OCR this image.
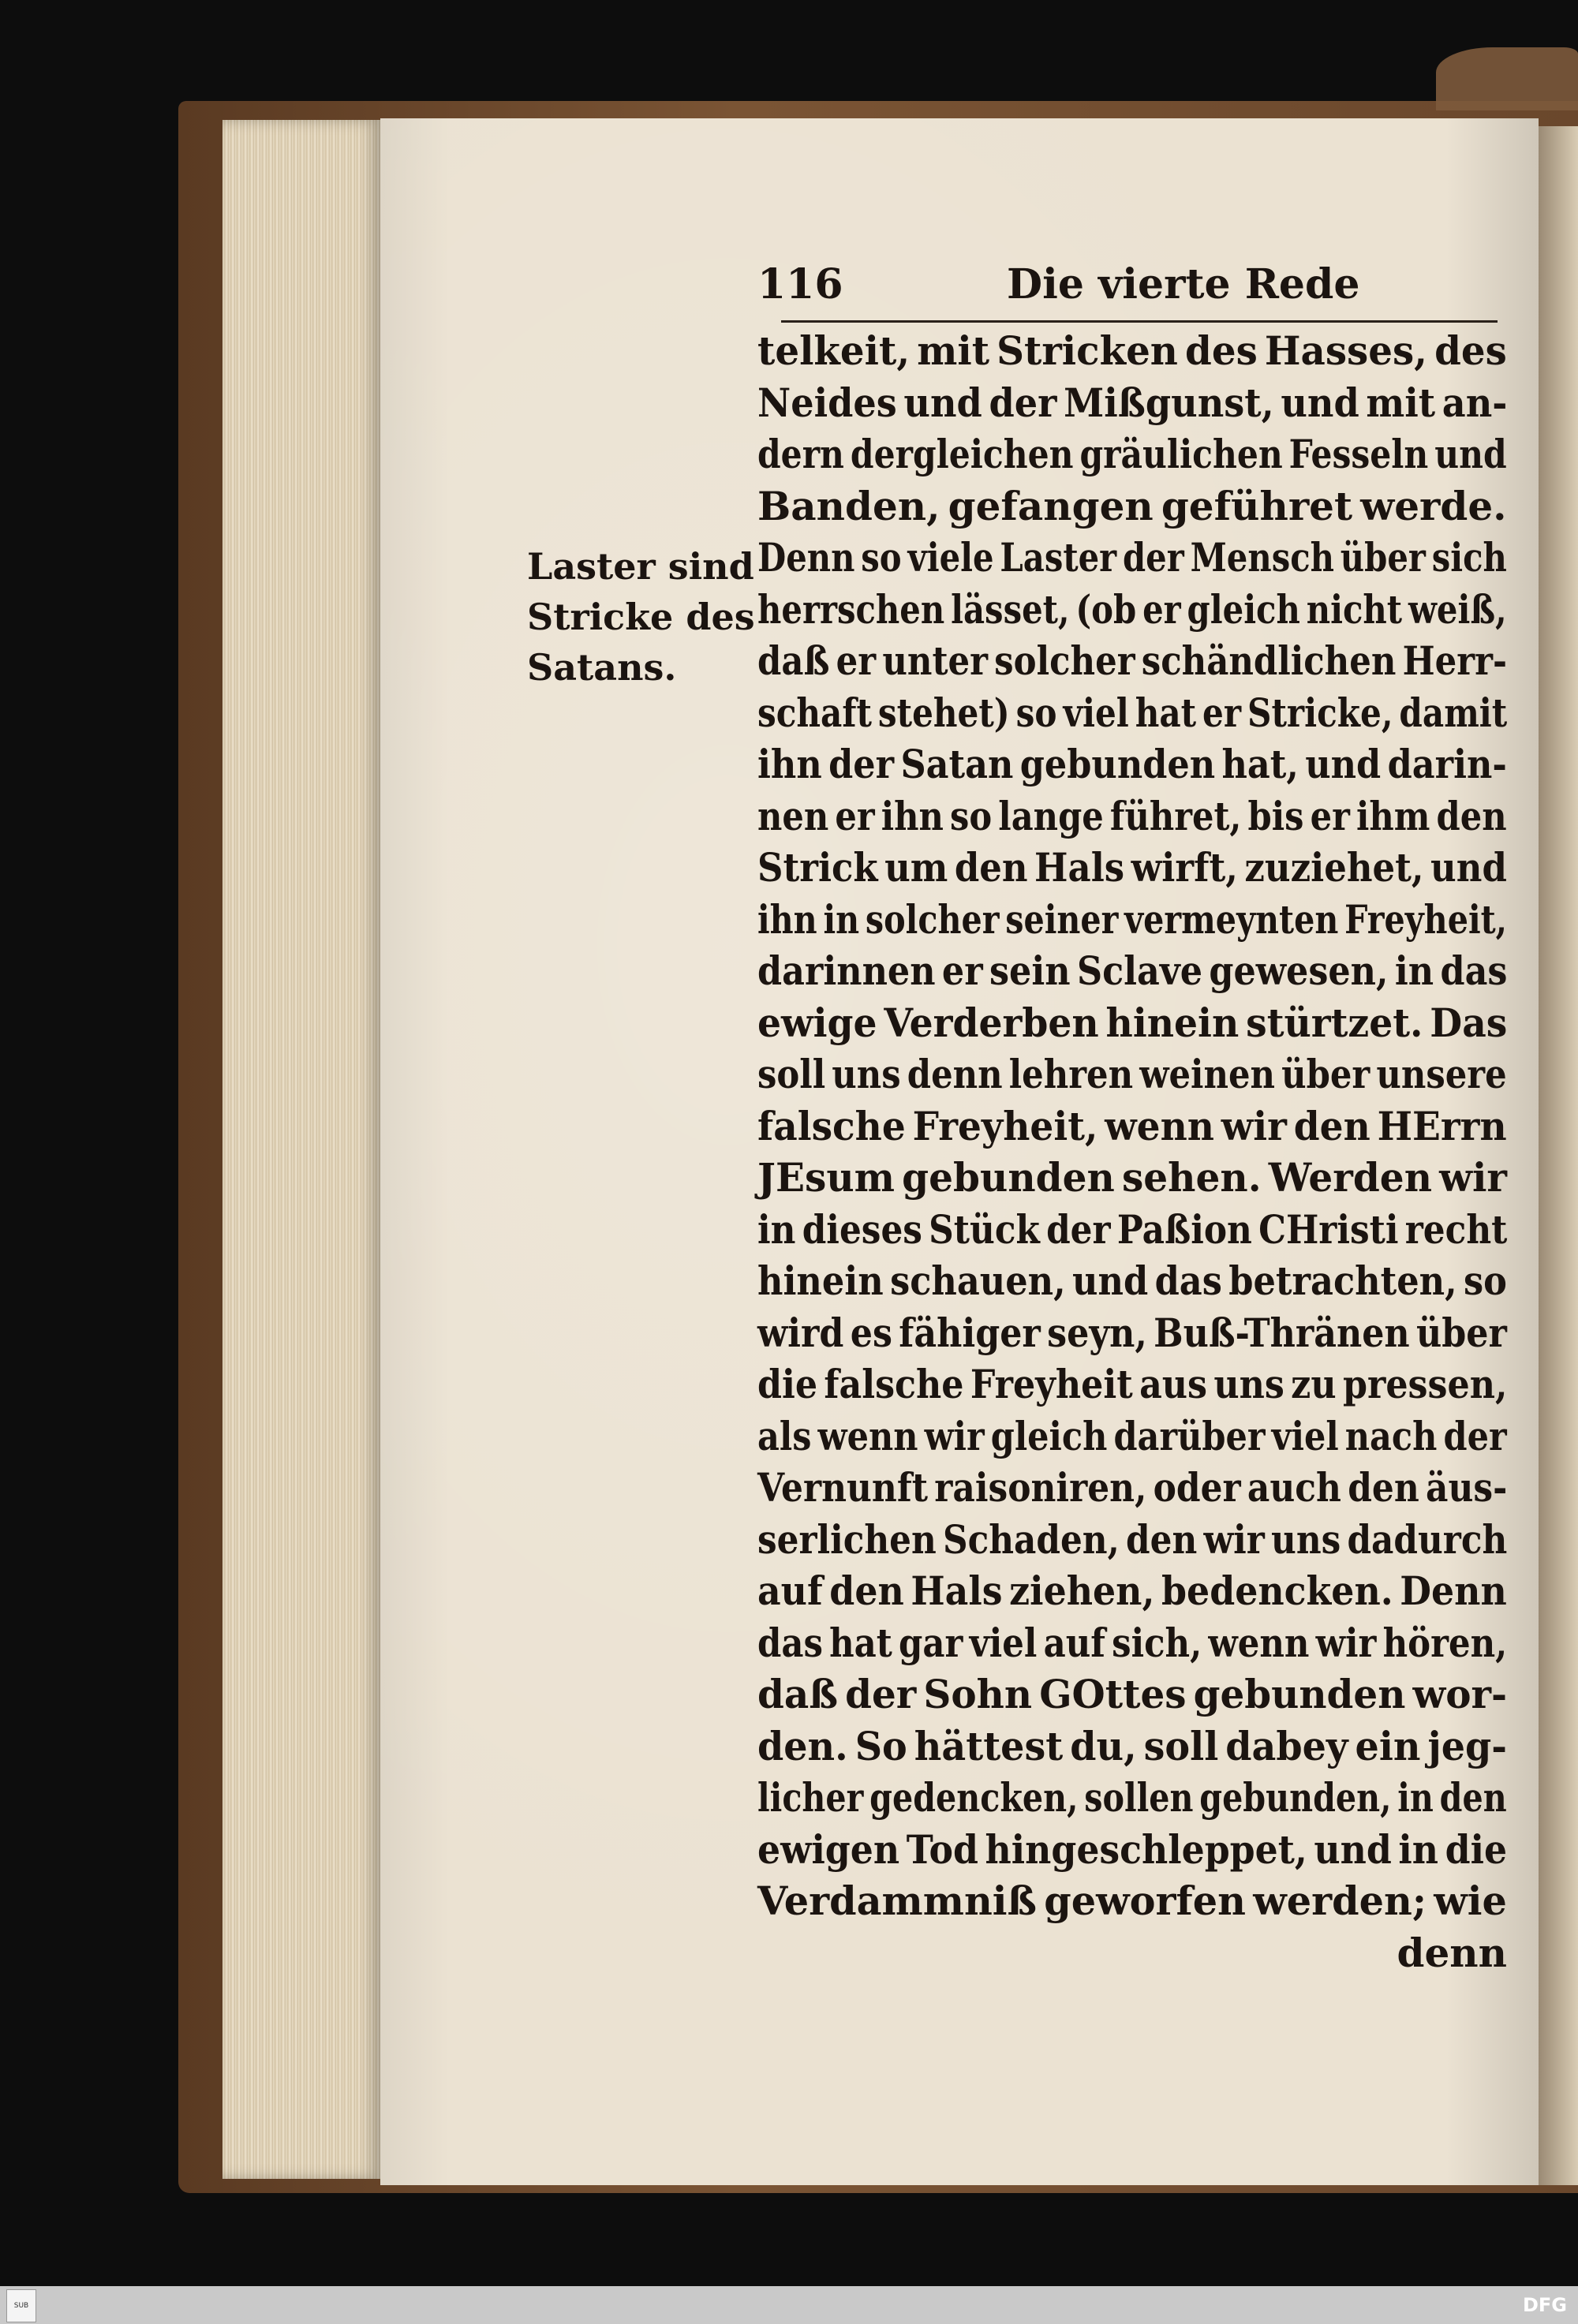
116	Die vierte Rede
Laster sind
Stricke des
Satans.
telkeit, mit Stricken des Hasses, des
Neides und der Mißgunst, und mit an-
dern dergleichen gräulichen Fesseln und
Banden, gefangen geführet werde.
Denn so viele Laster der Mensch über sich
herrschen lässet, (ob er gleich nicht weiß,
daß er unter solcher schändlichen Herr-
schaft stehet) so viel hat er Stricke, damit
ihn der Satan gebunden hat, und darin-
nen er ihn so lange führet, bis er ihm den
Strick um den Hals wirft, zuziehet, und
ihn in solcher seiner vermeynten Freyheit,
darinnen er sein Sclave gewesen, in das
ewige Verderben hinein stürtzet. Das
soll uns denn lehren weinen über unsere
falsche Freyheit, wenn wir den HErrn
JEsum gebunden sehen. Werden wir
in dieses Stück der Paßion CHristi recht
hinein schauen, und das betrachten, so
wird es fähiger seyn, Buß-Thränen über
die falsche Freyheit aus uns zu pressen,
als wenn wir gleich darüber viel nach der
Vernunft raisoniren, oder auch den äus-
serlichen Schaden, den wir uns dadurch
auf den Hals ziehen, bedencken. Denn
das hat gar viel auf sich, wenn wir hören,
daß der Sohn GOttes gebunden wor-
den. So hättest du, soll dabey ein jeg-
licher gedencken, sollen gebunden, in den
ewigen Tod hingeschleppet, und in die
Verdammniß geworfen werden; wie
denn
SUB	DFG
